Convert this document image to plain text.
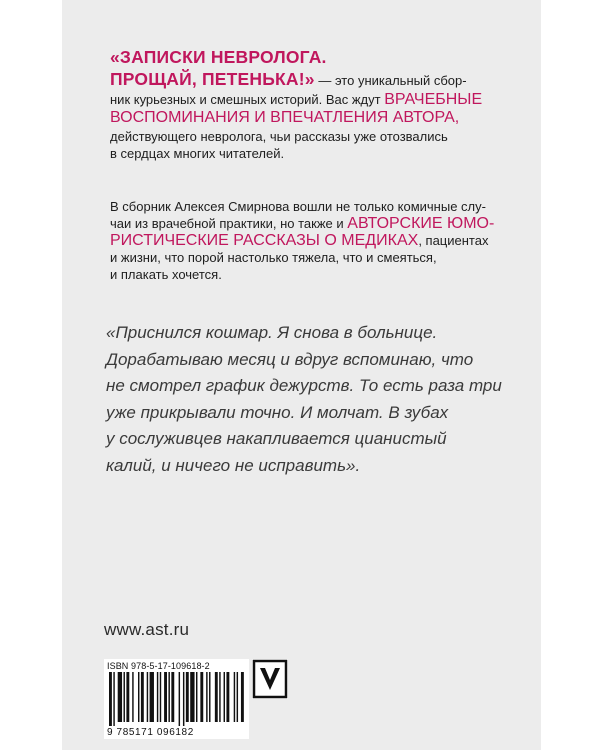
«ЗАПИСКИ НЕВРОЛОГА.
ПРОЩАЙ, ПЕТЕНЬКА!» — это уникальный сбор-
ник курьезных и смешных историй. Вас ждут ВРАЧЕБНЫЕ
ВОСПОМИНАНИЯ И ВПЕЧАТЛЕНИЯ АВТОРА,
действующего невролога, чьи рассказы уже отозвались
в сердцах многих читателей.
В сборник Алексея Смирнова вошли не только комичные слу-
чаи из врачебной практики, но также и АВТОРСКИЕ ЮМО-
РИСТИЧЕСКИЕ РАССКАЗЫ О МЕДИКАХ, пациентах
и жизни, что порой настолько тяжела, что и смеяться,
и плакать хочется.
«Приснился кошмар. Я снова в больнице.
Дорабатываю месяц и вдруг вспоминаю, что
не смотрел график дежурств. То есть раза три
уже прикрывали точно. И молчат. В зубах
у сослуживцев накапливается цианистый
калий, и ничего не исправить».
www.ast.ru
ISBN 978-5-17-109618-2
9 785171 096182
